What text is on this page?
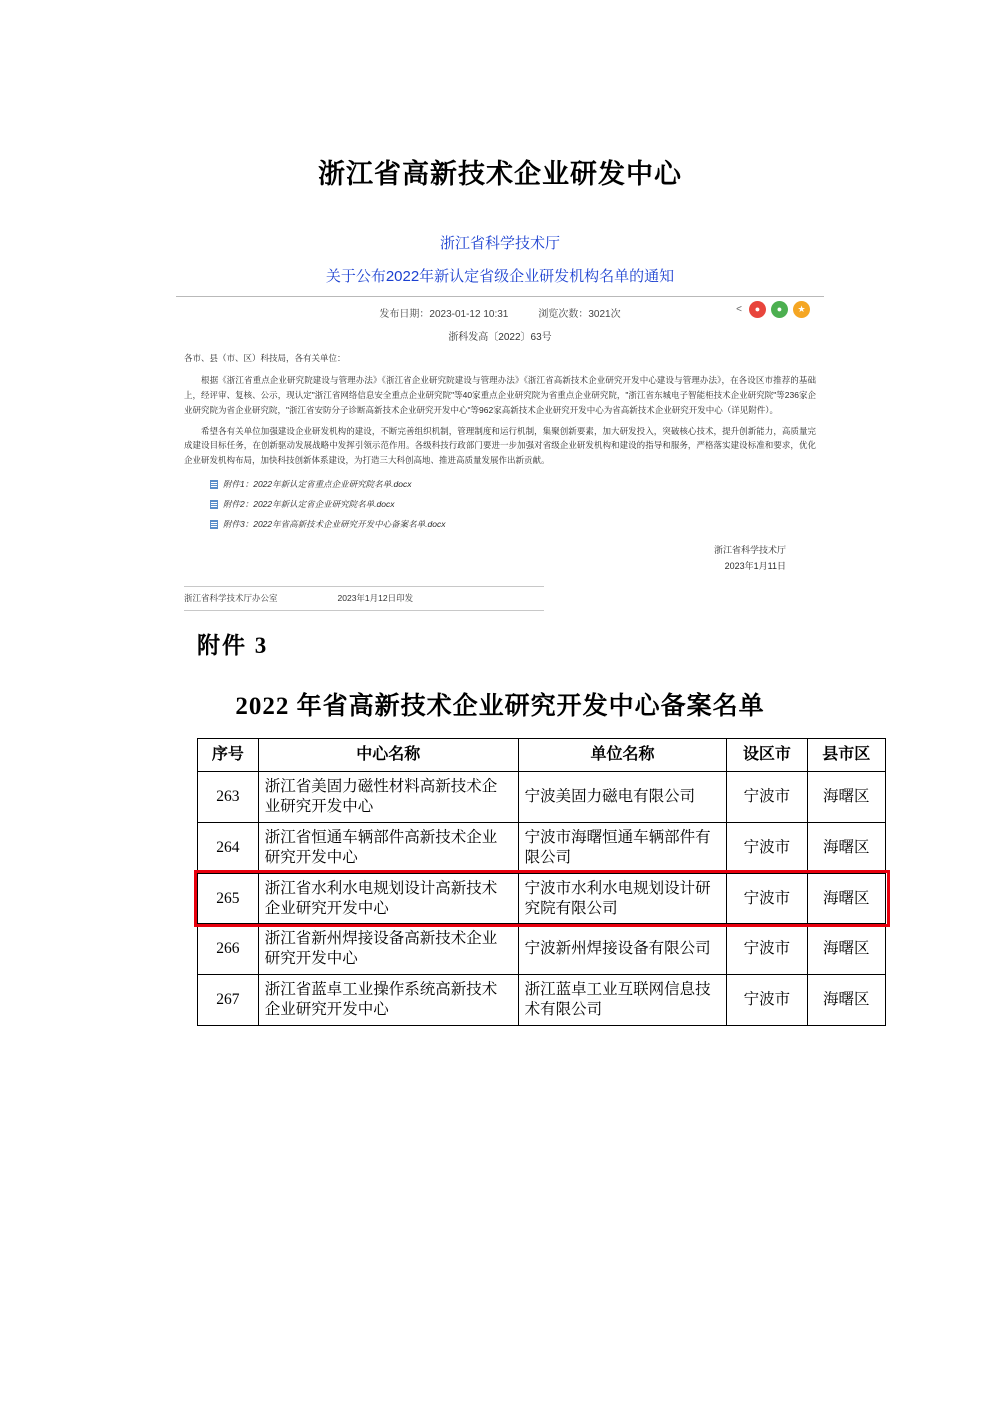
浙江省高新技术企业研发中心
浙江省科学技术厅
关于公布2022年新认定省级企业研发机构名单的通知
发布日期：2023-01-12 10:31	浏览次数：3021次	<	●	●	★
浙科发高〔2022〕63号

各市、县（市、区）科技局，各有关单位：

根据《浙江省重点企业研究院建设与管理办法》《浙江省企业研究院建设与管理办法》《浙江省高新技术企业研究开发中心建设与管理办法》，在各设区市推荐的基础上，经评审、复核、公示，现认定"浙江省网络信息安全重点企业研究院"等40家重点企业研究院为省重点企业研究院，"浙江省东城电子智能柜技术企业研究院"等236家企业研究院为省企业研究院，"浙江省安防分子诊断高新技术企业研究开发中心"等962家高新技术企业研究开发中心为省高新技术企业研究开发中心（详见附件）。

希望各有关单位加强建设企业研发机构的建设，不断完善组织机制，管理制度和运行机制，集聚创新要素，加大研发投入，突破核心技术，提升创新能力，高质量完成建设目标任务，在创新驱动发展战略中发挥引领示范作用。各级科技行政部门要进一步加强对省级企业研发机构和建设的指导和服务，严格落实建设标准和要求，优化企业研发机构布局，加快科技创新体系建设，为打造三大科创高地、推进高质量发展作出新贡献。

附件1：2022年新认定省重点企业研究院名单.docx
附件2：2022年新认定省企业研究院名单.docx
附件3：2022年省高新技术企业研究开发中心备案名单.docx
浙江省科学技术厅
2023年1月11日
浙江省科学技术厅办公室	2023年1月12日印发
附件 3
2022 年省高新技术企业研究开发中心备案名单
序号	中心名称	单位名称	设区市	县市区
263	浙江省美固力磁性材料高新技术企业研究开发中心	宁波美固力磁电有限公司	宁波市	海曙区
264	浙江省恒通车辆部件高新技术企业研究开发中心	宁波市海曙恒通车辆部件有限公司	宁波市	海曙区
265	浙江省水利水电规划设计高新技术企业研究开发中心	宁波市水利水电规划设计研究院有限公司	宁波市	海曙区
266	浙江省新州焊接设备高新技术企业研究开发中心	宁波新州焊接设备有限公司	宁波市	海曙区
267	浙江省蓝卓工业操作系统高新技术企业研究开发中心	浙江蓝卓工业互联网信息技术有限公司	宁波市	海曙区
